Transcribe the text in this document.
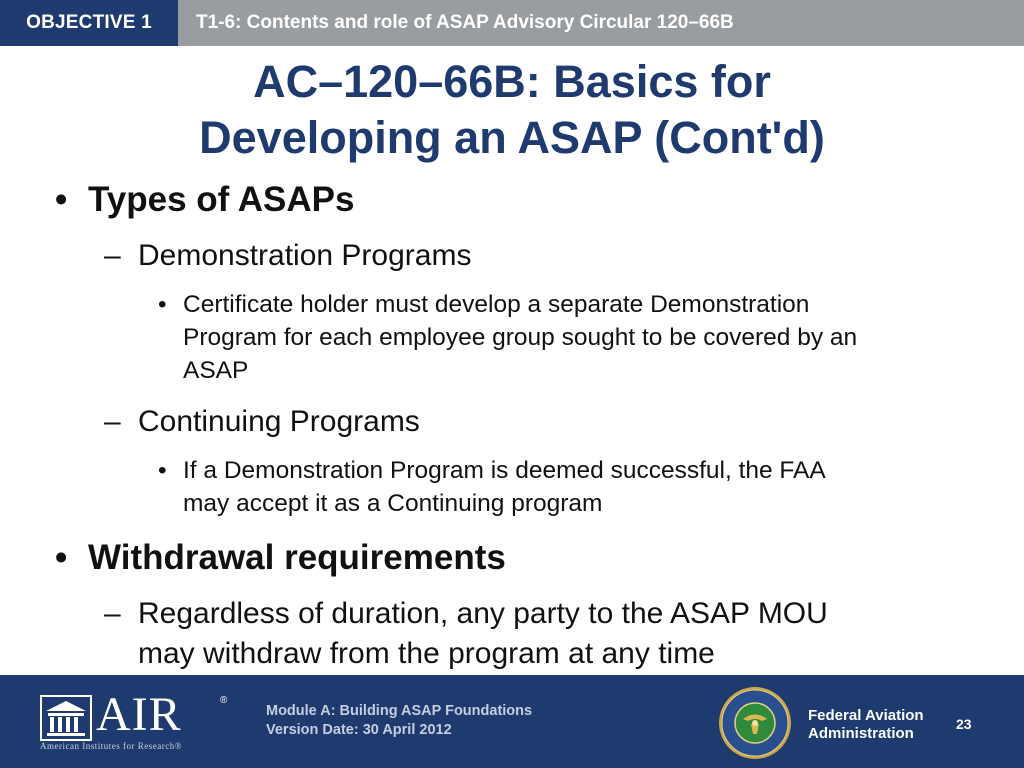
OBJECTIVE 1	T1-6: Contents and role of ASAP Advisory Circular 120–66B
AC–120–66B: Basics for
Developing an ASAP (Cont'd)
• Types of ASAPs
– Demonstration Programs
• Certificate holder must develop a separate Demonstration
Program for each employee group sought to be covered by an
ASAP
– Continuing Programs
• If a Demonstration Program is deemed successful, the FAA
may accept it as a Continuing program
• Withdrawal requirements
– Regardless of duration, any party to the ASAP MOU
may withdraw from the program at any time
AIR	®
American Institutes for Research®
Module A: Building ASAP Foundations
Version Date: 30 April 2012
Federal Aviation
Administration
23
